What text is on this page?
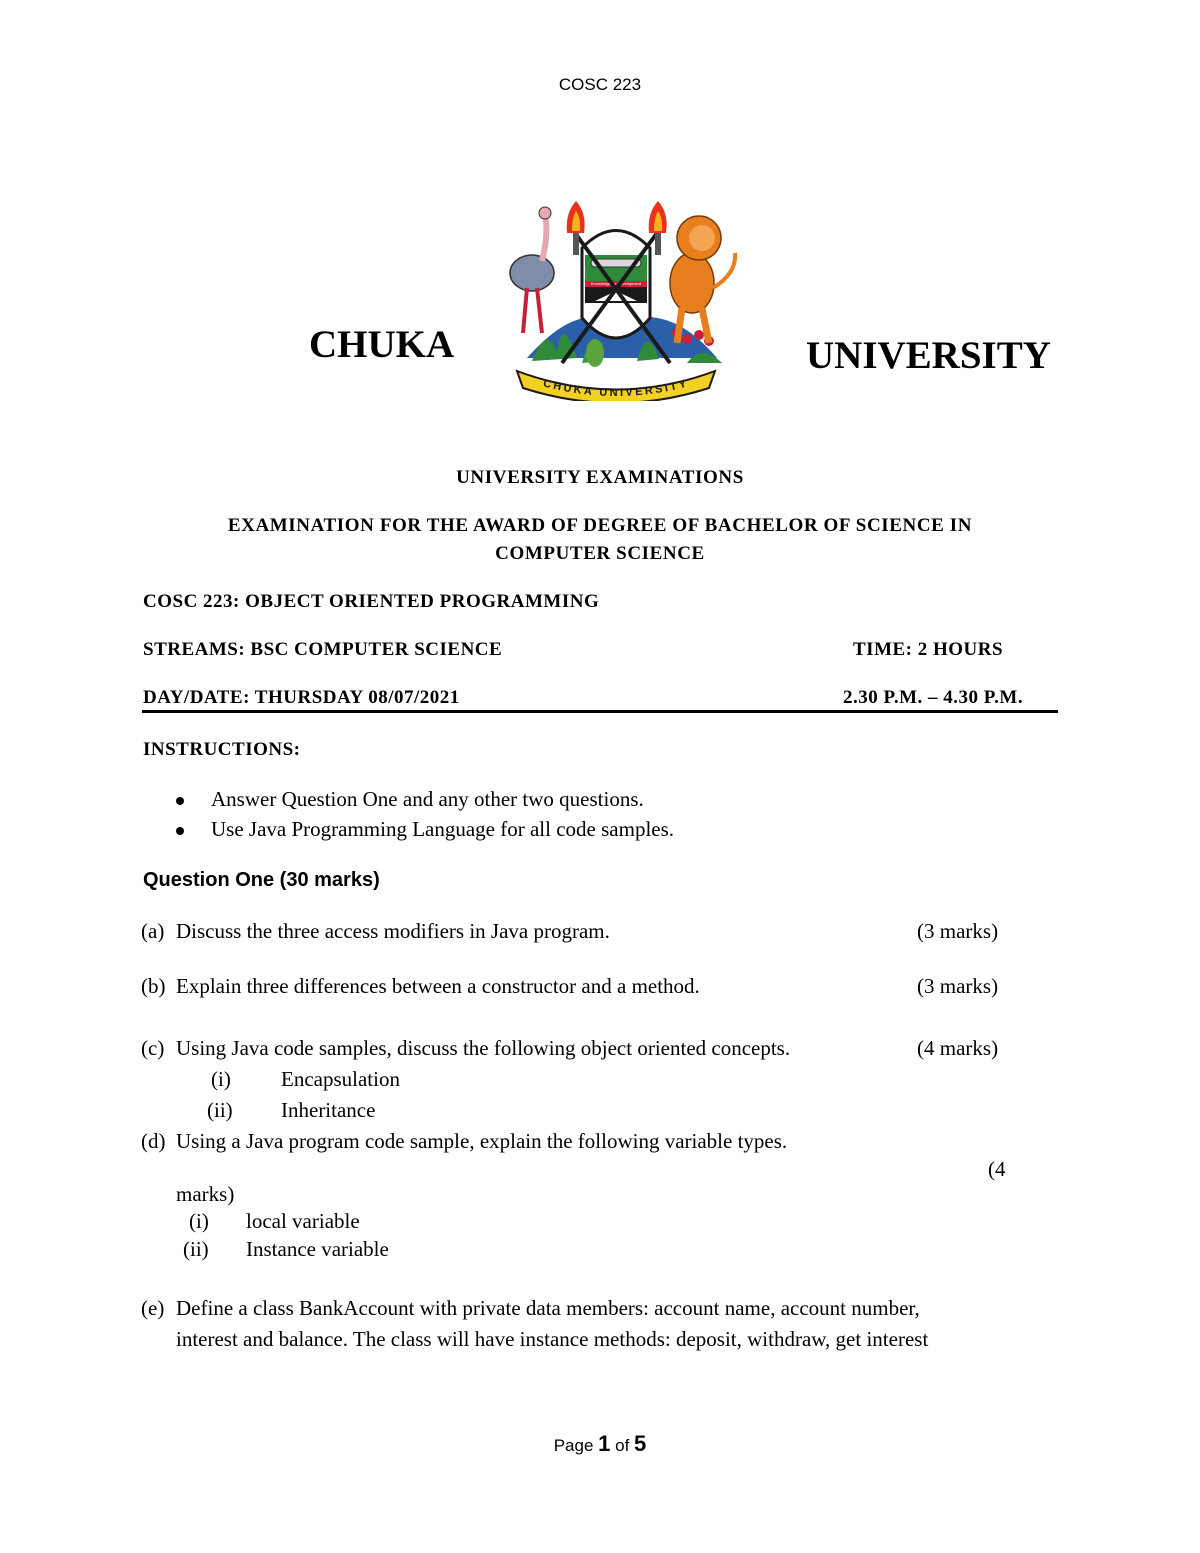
COSC 223
CHUKA	UNIVERSITY
Knowledge for Development
CHUKA UNIVERSITY
UNIVERSITY EXAMINATIONS
EXAMINATION FOR THE AWARD OF DEGREE OF BACHELOR OF SCIENCE IN
COMPUTER SCIENCE
COSC 223: OBJECT ORIENTED PROGRAMMING
STREAMS: BSC COMPUTER SCIENCE	TIME: 2 HOURS
DAY/DATE: THURSDAY 08/07/2021	2.30 P.M. – 4.30 P.M.
INSTRUCTIONS:
Answer Question One and any other two questions.
Use Java Programming Language for all code samples.
Question One (30 marks)
(a) Discuss the three access modifiers in Java program.	(3 marks)
(b) Explain three differences between a constructor and a method.	(3 marks)
(c) Using Java code samples, discuss the following object oriented concepts.	(4 marks)
(i) Encapsulation
(ii) Inheritance
(d) Using a Java program code sample, explain the following variable types.
(4
marks)
(i) local variable
(ii) Instance variable
(e) Define a class BankAccount with private data members: account name, account number,
interest and balance. The class will have instance methods: deposit, withdraw, get interest
Page 1 of 5
